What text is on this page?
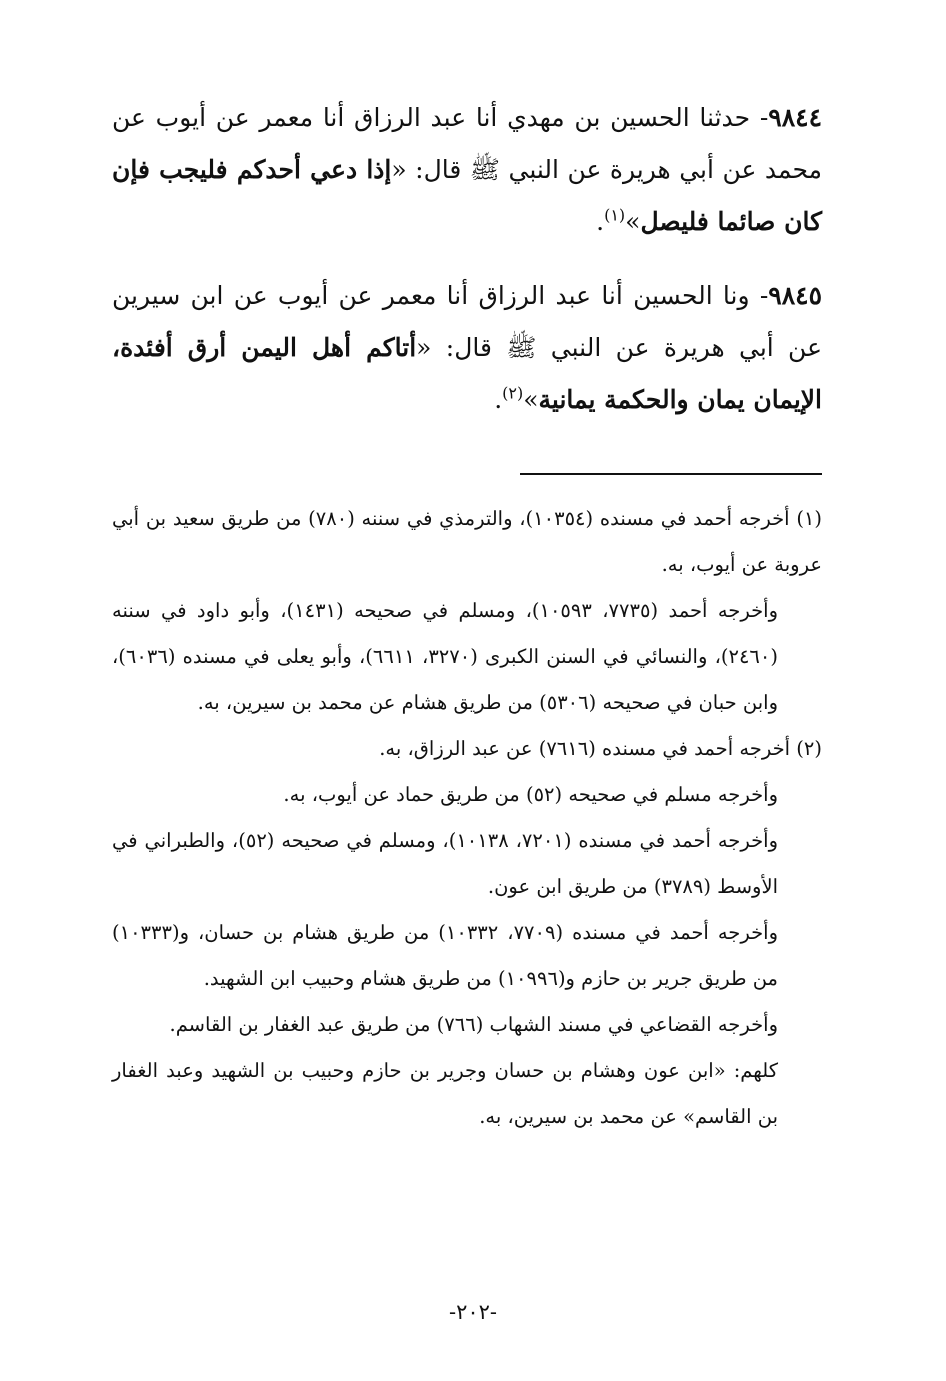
٩٨٤٤- حدثنا الحسين بن مهدي أنا عبد الرزاق أنا معمر عن أيوب عن محمد عن أبي هريرة عن النبي ﷺ قال: «إذا دعي أحدكم فليجب فإن كان صائما فليصل»$^{(١)}$.

٩٨٤٥- ونا الحسين أنا عبد الرزاق أنا معمر عن أيوب عن ابن سيرين عن أبي هريرة عن النبي ﷺ قال: «أتاكم أهل اليمن أرق أفئدة، الإيمان يمان والحكمة يمانية»$^{(٢)}$.

(١) أخرجه أحمد في مسنده (١٠٣٥٤)، والترمذي في سننه (٧٨٠) من طريق سعيد بن أبي عروبة عن أيوب، به.

وأخرجه أحمد (٧٧٣٥، ١٠٥٩٣)، ومسلم في صحيحه (١٤٣١)، وأبو داود في سننه (٢٤٦٠)، والنسائي في السنن الكبرى (٣٢٧٠، ٦٦١١)، وأبو يعلى في مسنده (٦٠٣٦)، وابن حبان في صحيحه (٥٣٠٦) من طريق هشام عن محمد بن سيرين، به.

(٢) أخرجه أحمد في مسنده (٧٦١٦) عن عبد الرزاق، به.

وأخرجه مسلم في صحيحه (٥٢) من طريق حماد عن أيوب، به.

وأخرجه أحمد في مسنده (٧٢٠١، ١٠١٣٨)، ومسلم في صحيحه (٥٢)، والطبراني في الأوسط (٣٧٨٩) من طريق ابن عون.

وأخرجه أحمد في مسنده (٧٧٠٩، ١٠٣٣٢) من طريق هشام بن حسان، و(١٠٣٣٣) من طريق جرير بن حازم و(١٠٩٩٦) من طريق هشام وحبيب ابن الشهيد.

وأخرجه القضاعي في مسند الشهاب (٧٦٦) من طريق عبد الغفار بن القاسم.

كلهم: «ابن عون وهشام بن حسان وجرير بن حازم وحبيب بن الشهيد وعبد الغفار بن القاسم» عن محمد بن سيرين، به.

-٢٠٢-
